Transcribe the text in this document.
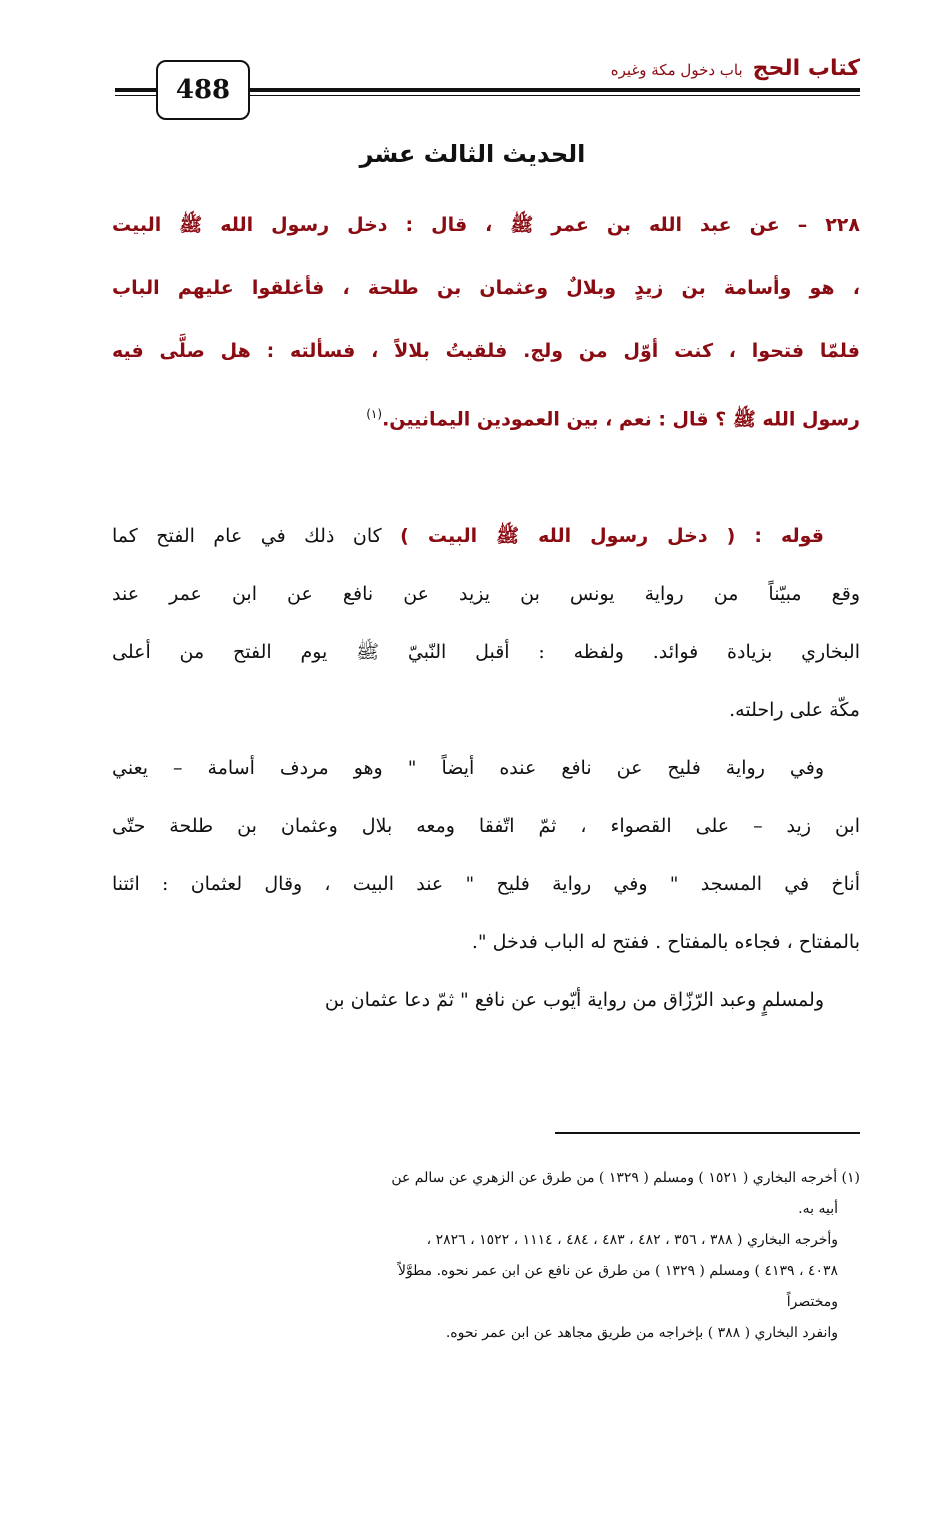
488
كتاب الحج
باب دخول مكة وغيره
الحديث الثالث عشر
٢٢٨ – عن عبد الله بن عمر ﷺ ، قال : دخل رسول الله ﷺ البيت
، هو وأسامة بن زيدٍ وبلالٌ وعثمان بن طلحة ، فأغلقوا عليهم الباب
فلمّا فتحوا ، كنت أوّل من ولج. فلقيتُ بلالاً ، فسألته : هل صلَّى فيه
رسول الله ﷺ ؟ قال : نعم ، بين العمودين اليمانيين.$^{(١)}$
قوله : ( دخل رسول الله ﷺ البيت ) كان ذلك في عام الفتح كما
وقع مبيّناً من رواية يونس بن يزيد عن نافع عن ابن عمر عند
البخاري بزيادة فوائد. ولفظه : أقبل النّبيّ ﷺ يوم الفتح من أعلى
مكّة على راحلته.
وفي رواية فليح عن نافع عنده أيضاً " وهو مردف أسامة – يعني
ابن زيد – على القصواء ، ثمّ اتّفقا ومعه بلال وعثمان بن طلحة حتّى
أناخ في المسجد " وفي رواية فليح " عند البيت ، وقال لعثمان : ائتنا
بالمفتاح ، فجاءه بالمفتاح . ففتح له الباب فدخل ".
ولمسلمٍ وعبد الرّزّاق من رواية أيّوب عن نافع " ثمّ دعا عثمان بن
(١) أخرجه البخاري ( ١٥٢١ ) ومسلم ( ١٣٢٩ ) من طرق عن الزهري عن سالم عن
أبيه به.
وأخرجه البخاري ( ٣٨٨ ، ٣٥٦ ، ٤٨٢ ، ٤٨٣ ، ٤٨٤ ، ١١١٤ ، ١٥٢٢ ، ٢٨٢٦ ،
٤٠٣٨ ، ٤١٣٩ ) ومسلم ( ١٣٢٩ ) من طرق عن نافع عن ابن عمر نحوه. مطوَّلاً
ومختصراً
وانفرد البخاري ( ٣٨٨ ) بإخراجه من طريق مجاهد عن ابن عمر نحوه.
